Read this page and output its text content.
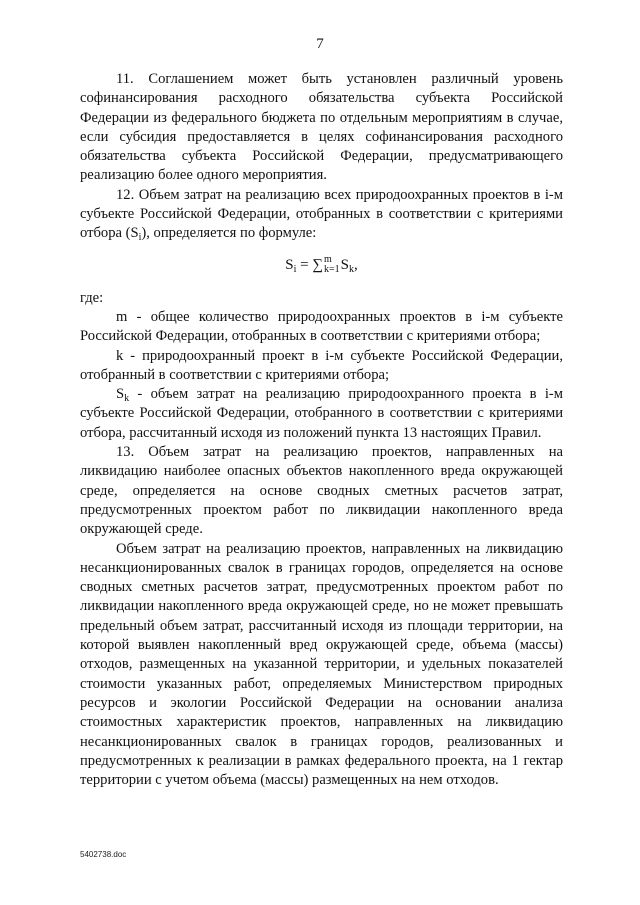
7

11. Соглашением может быть установлен различный уровень софинансирования расходного обязательства субъекта Российской Федерации из федерального бюджета по отдельным мероприятиям в случае, если субсидия предоставляется в целях софинансирования расходного обязательства субъекта Российской Федерации, предусматривающего реализацию более одного мероприятия.

12. Объем затрат на реализацию всех природоохранных проектов в i-м субъекте Российской Федерации, отобранных в соответствии с критериями отбора $(S_i)$, определяется по формуле:

$S_i$ = ∑ m
k=1 $S_k$,

где:

m - общее количество природоохранных проектов в i-м субъекте Российской Федерации, отобранных в соответствии с критериями отбора;

k - природоохранный проект в i-м субъекте Российской Федерации, отобранный в соответствии с критериями отбора;

$S_k$ - объем затрат на реализацию природоохранного проекта в i-м субъекте Российской Федерации, отобранного в соответствии с критериями отбора, рассчитанный исходя из положений пункта 13 настоящих Правил.

13. Объем затрат на реализацию проектов, направленных на ликвидацию наиболее опасных объектов накопленного вреда окружающей среде, определяется на основе сводных сметных расчетов затрат, предусмотренных проектом работ по ликвидации накопленного вреда окружающей среде.

Объем затрат на реализацию проектов, направленных на ликвидацию несанкционированных свалок в границах городов, определяется на основе сводных сметных расчетов затрат, предусмотренных проектом работ по ликвидации накопленного вреда окружающей среде, но не может превышать предельный объем затрат, рассчитанный исходя из площади территории, на которой выявлен накопленный вред окружающей среде, объема (массы) отходов, размещенных на указанной территории, и удельных показателей стоимости указанных работ, определяемых Министерством природных ресурсов и экологии Российской Федерации на основании анализа стоимостных характеристик проектов, направленных на ликвидацию несанкционированных свалок в границах городов, реализованных и предусмотренных к реализации в рамках федерального проекта, на 1 гектар территории с учетом объема (массы) размещенных на нем отходов.

5402738.doc
